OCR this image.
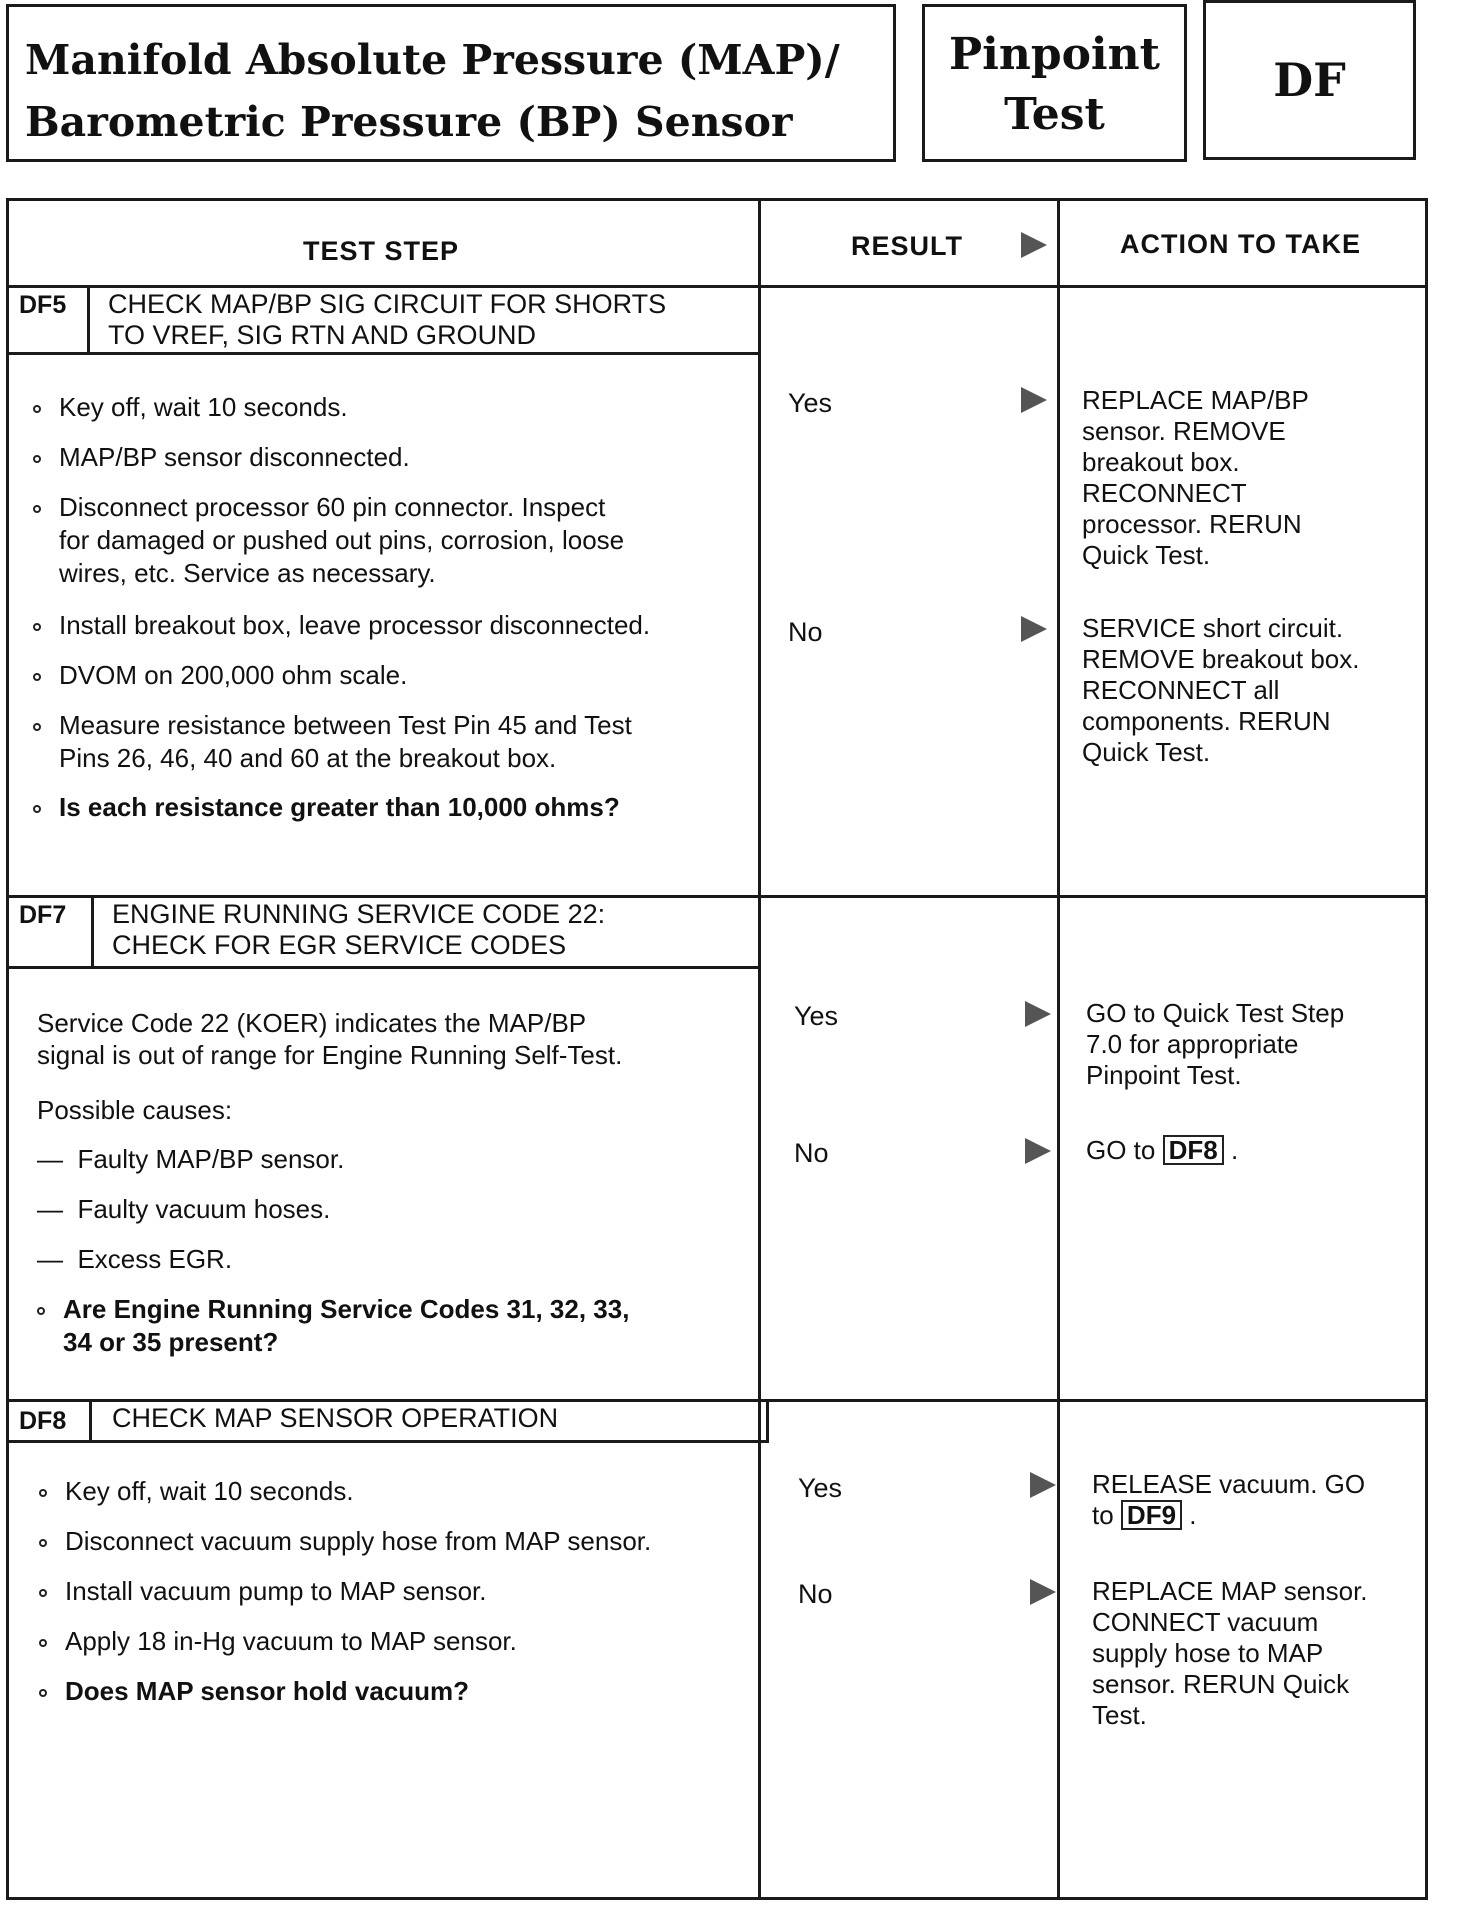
Manifold Absolute Pressure (MAP)/
Barometric Pressure (BP) Sensor
Pinpoint
Test
DF
TEST STEP	RESULT	ACTION TO TAKE
DF5	CHECK MAP/BP SIG CIRCUIT FOR SHORTS
TO VREF, SIG RTN AND GROUND
Key off, wait 10 seconds.
MAP/BP sensor disconnected.
Disconnect processor 60 pin connector. Inspect
for damaged or pushed out pins, corrosion, loose
wires, etc. Service as necessary.
Install breakout box, leave processor disconnected.
DVOM on 200,000 ohm scale.
Measure resistance between Test Pin 45 and Test
Pins 26, 46, 40 and 60 at the breakout box.
Is each resistance greater than 10,000 ohms?
Yes	REPLACE MAP/BP
sensor. REMOVE
breakout box.
RECONNECT
processor. RERUN
Quick Test.
No	SERVICE short circuit.
REMOVE breakout box.
RECONNECT all
components. RERUN
Quick Test.
DF7	ENGINE RUNNING SERVICE CODE 22:
CHECK FOR EGR SERVICE CODES
Service Code 22 (KOER) indicates the MAP/BP
signal is out of range for Engine Running Self-Test.
Possible causes:
— Faulty MAP/BP sensor.
— Faulty vacuum hoses.
— Excess EGR.
Are Engine Running Service Codes 31, 32, 33,
34 or 35 present?
Yes	GO to Quick Test Step
7.0 for appropriate
Pinpoint Test.
No	GO to DF8 .
DF8	CHECK MAP SENSOR OPERATION
Key off, wait 10 seconds.
Disconnect vacuum supply hose from MAP sensor.
Install vacuum pump to MAP sensor.
Apply 18 in-Hg vacuum to MAP sensor.
Does MAP sensor hold vacuum?
Yes	RELEASE vacuum. GO
to DF9 .
No	REPLACE MAP sensor.
CONNECT vacuum
supply hose to MAP
sensor. RERUN Quick
Test.
